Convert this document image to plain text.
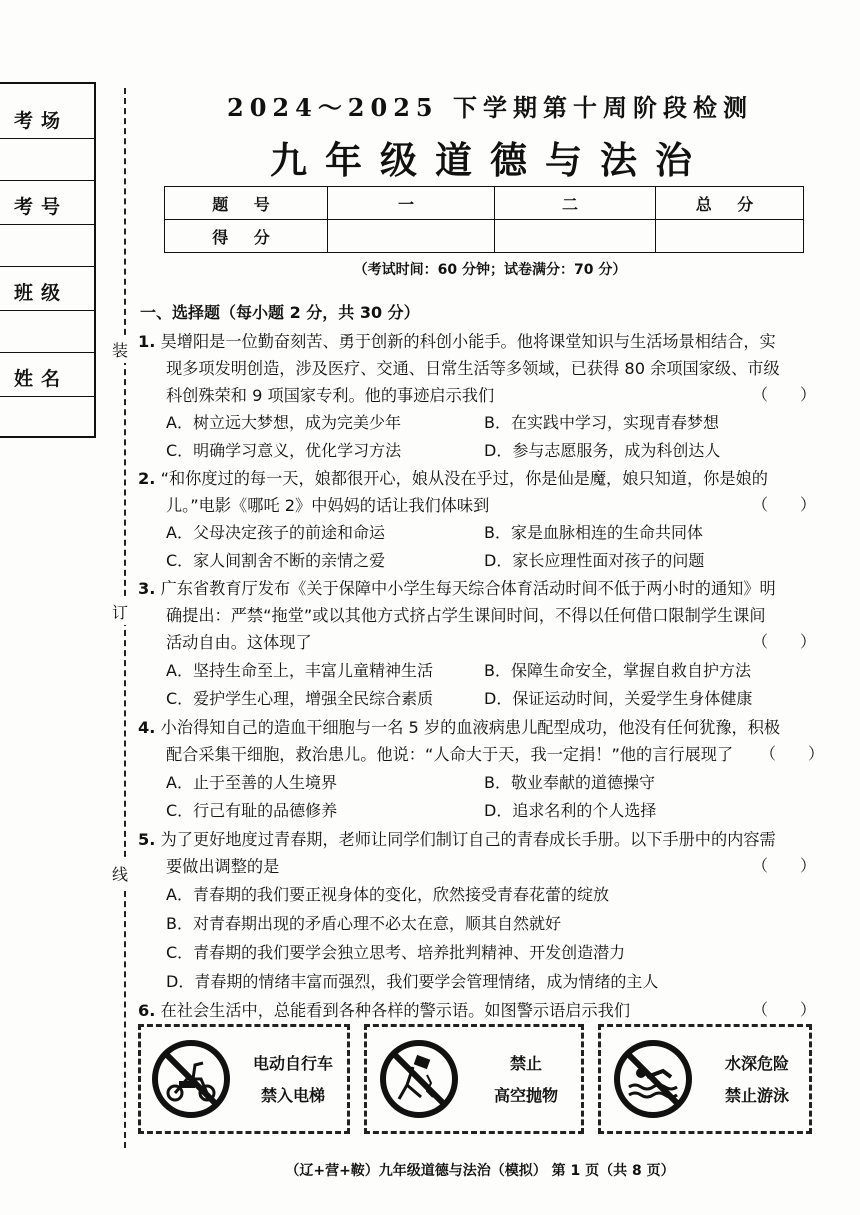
考场
考号
班级
姓名
装
订
线
2024～2025 下学期第十周阶段检测
九年级道德与法治
题 号	一	二	总 分
得 分			
（考试时间：60 分钟；试卷满分：70 分）
一、选择题（每小题 2 分，共 30 分）
1. 昊增阳是一位勤奋刻苦、勇于创新的科创小能手。他将课堂知识与生活场景相结合，实
现多项发明创造，涉及医疗、交通、日常生活等多领域，已获得 80 余项国家级、市级
科创殊荣和 9 项国家专利。他的事迹启示我们	（　　）
A．树立远大梦想，成为完美少年	B．在实践中学习，实现青春梦想
C．明确学习意义，优化学习方法	D．参与志愿服务，成为科创达人
2. “和你度过的每一天，娘都很开心，娘从没在乎过，你是仙是魔，娘只知道，你是娘的
儿。”电影《哪吒 2》中妈妈的话让我们体味到	（　　）
A．父母决定孩子的前途和命运	B．家是血脉相连的生命共同体
C．家人间割舍不断的亲情之爱	D．家长应理性面对孩子的问题
3. 广东省教育厅发布《关于保障中小学生每天综合体育活动时间不低于两小时的通知》明
确提出：严禁“拖堂”或以其他方式挤占学生课间时间，不得以任何借口限制学生课间
活动自由。这体现了	（　　）
A．坚持生命至上，丰富儿童精神生活	B．保障生命安全，掌握自救自护方法
C．爱护学生心理，增强全民综合素质	D．保证运动时间，关爱学生身体健康
4. 小治得知自己的造血干细胞与一名 5 岁的血液病患儿配型成功，他没有任何犹豫，积极
配合采集干细胞，救治患儿。他说：“人命大于天，我一定捐！”他的言行展现了 （　　）
A．止于至善的人生境界	B．敬业奉献的道德操守
C．行己有耻的品德修养	D．追求名利的个人选择
5. 为了更好地度过青春期，老师让同学们制订自己的青春成长手册。以下手册中的内容需
要做出调整的是	（　　）
A．青春期的我们要正视身体的变化，欣然接受青春花蕾的绽放
B．对青春期出现的矛盾心理不必太在意，顺其自然就好
C．青春期的我们要学会独立思考、培养批判精神、开发创造潜力
D．青春期的情绪丰富而强烈，我们要学会管理情绪，成为情绪的主人
6. 在社会生活中，总能看到各种各样的警示语。如图警示语启示我们	（　　）
电动自行车
禁入电梯
禁止
高空抛物
水深危险
禁止游泳
（辽+营+鞍）九年级道德与法治（模拟） 第 1 页（共 8 页）
